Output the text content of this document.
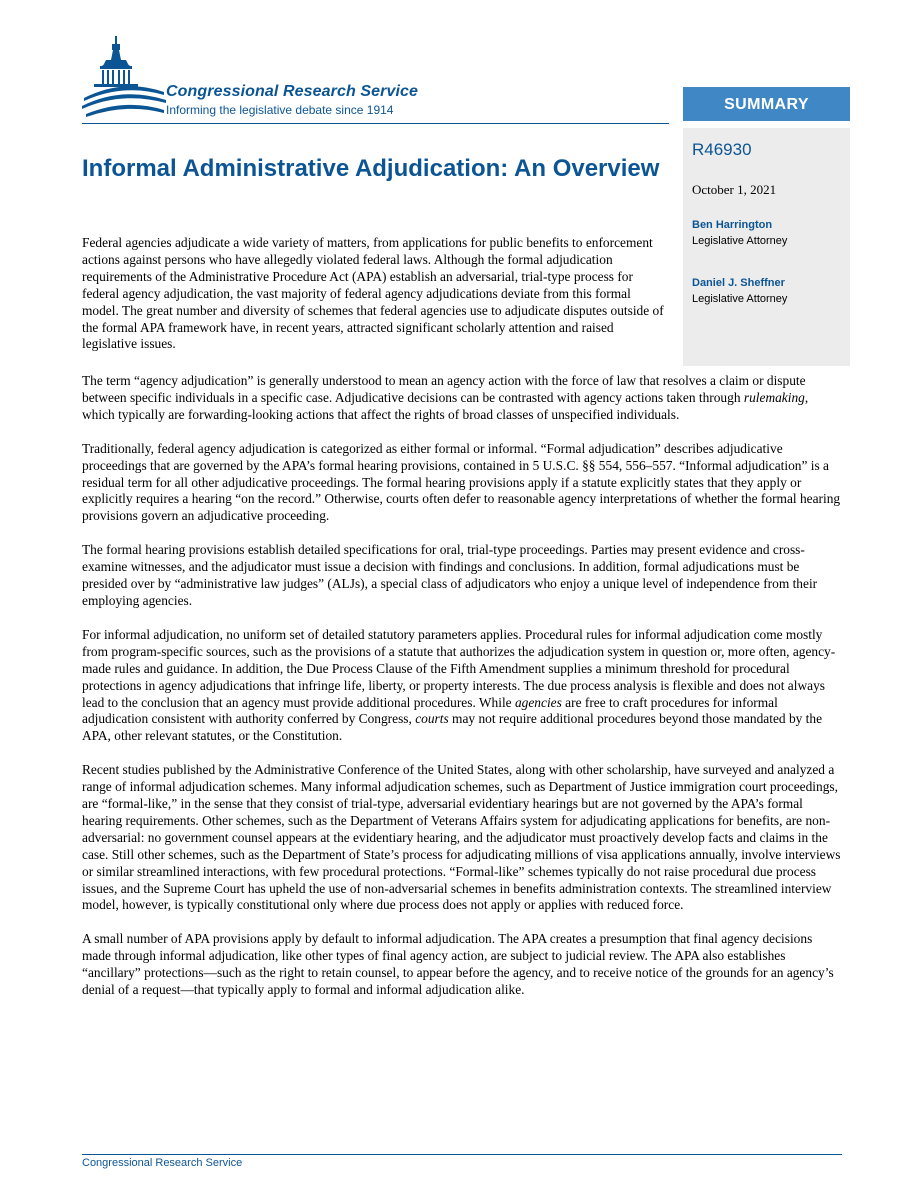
Congressional Research Service
Informing the legislative debate since 1914	SUMMARY
R46930
October 1, 2021
Ben Harrington
Legislative Attorney
Daniel J. Sheffner
Legislative Attorney
Informal Administrative Adjudication: An Overview

Federal agencies adjudicate a wide variety of matters, from applications for public benefits to enforcement actions against persons who have allegedly violated federal laws. Although the formal adjudication requirements of the Administrative Procedure Act (APA) establish an adversarial, trial-type process for federal agency adjudication, the vast majority of federal agency adjudications deviate from this formal model. The great number and diversity of schemes that federal agencies use to adjudicate disputes outside of the formal APA framework have, in recent years, attracted significant scholarly attention and raised legislative issues.

The term “agency adjudication” is generally understood to mean an agency action with the force of law that resolves a claim or dispute between specific individuals in a specific case. Adjudicative decisions can be contrasted with agency actions taken through rulemaking, which typically are forwarding-looking actions that affect the rights of broad classes of unspecified individuals.

Traditionally, federal agency adjudication is categorized as either formal or informal. “Formal adjudication” describes adjudicative proceedings that are governed by the APA’s formal hearing provisions, contained in 5 U.S.C. §§ 554, 556–557. “Informal adjudication” is a residual term for all other adjudicative proceedings. The formal hearing provisions apply if a statute explicitly states that they apply or explicitly requires a hearing “on the record.” Otherwise, courts often defer to reasonable agency interpretations of whether the formal hearing provisions govern an adjudicative proceeding.

The formal hearing provisions establish detailed specifications for oral, trial-type proceedings. Parties may present evidence and cross-examine witnesses, and the adjudicator must issue a decision with findings and conclusions. In addition, formal adjudications must be presided over by “administrative law judges” (ALJs), a special class of adjudicators who enjoy a unique level of independence from their employing agencies.

For informal adjudication, no uniform set of detailed statutory parameters applies. Procedural rules for informal adjudication come mostly from program-specific sources, such as the provisions of a statute that authorizes the adjudication system in question or, more often, agency-made rules and guidance. In addition, the Due Process Clause of the Fifth Amendment supplies a minimum threshold for procedural protections in agency adjudications that infringe life, liberty, or property interests. The due process analysis is flexible and does not always lead to the conclusion that an agency must provide additional procedures. While agencies are free to craft procedures for informal adjudication consistent with authority conferred by Congress, courts may not require additional procedures beyond those mandated by the APA, other relevant statutes, or the Constitution.

Recent studies published by the Administrative Conference of the United States, along with other scholarship, have surveyed and analyzed a range of informal adjudication schemes. Many informal adjudication schemes, such as Department of Justice immigration court proceedings, are “formal-like,” in the sense that they consist of trial-type, adversarial evidentiary hearings but are not governed by the APA’s formal hearing requirements. Other schemes, such as the Department of Veterans Affairs system for adjudicating applications for benefits, are non-adversarial: no government counsel appears at the evidentiary hearing, and the adjudicator must proactively develop facts and claims in the case. Still other schemes, such as the Department of State’s process for adjudicating millions of visa applications annually, involve interviews or similar streamlined interactions, with few procedural protections. “Formal-like” schemes typically do not raise procedural due process issues, and the Supreme Court has upheld the use of non-adversarial schemes in benefits administration contexts. The streamlined interview model, however, is typically constitutional only where due process does not apply or applies with reduced force.

A small number of APA provisions apply by default to informal adjudication. The APA creates a presumption that final agency decisions made through informal adjudication, like other types of final agency action, are subject to judicial review. The APA also establishes “ancillary” protections—such as the right to retain counsel, to appear before the agency, and to receive notice of the grounds for an agency’s denial of a request—that typically apply to formal and informal adjudication alike.

Congressional Research Service
